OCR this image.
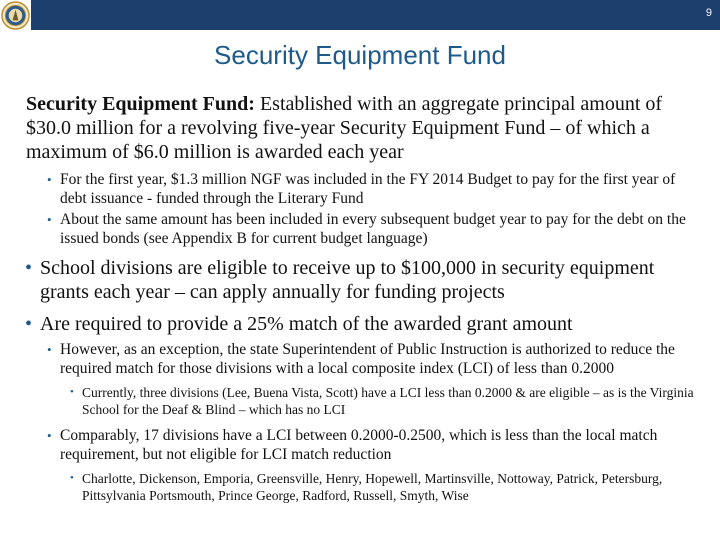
9
Security Equipment Fund

Security Equipment Fund: Established with an aggregate principal amount of $30.0 million for a revolving five-year Security Equipment Fund – of which a maximum of $6.0 million is awarded each year

• For the first year, $1.3 million NGF was included in the FY 2014 Budget to pay for the first year of debt issuance - funded through the Literary Fund
• About the same amount has been included in every subsequent budget year to pay for the debt on the issued bonds (see Appendix B for current budget language)
• School divisions are eligible to receive up to $100,000 in security equipment grants each year – can apply annually for funding projects
• Are required to provide a 25% match of the awarded grant amount
• However, as an exception, the state Superintendent of Public Instruction is authorized to reduce the required match for those divisions with a local composite index (LCI) of less than 0.2000
• Currently, three divisions (Lee, Buena Vista, Scott) have a LCI less than 0.2000 & are eligible – as is the Virginia School for the Deaf & Blind – which has no LCI
• Comparably, 17 divisions have a LCI between 0.2000-0.2500, which is less than the local match requirement, but not eligible for LCI match reduction
• Charlotte, Dickenson, Emporia, Greensville, Henry, Hopewell, Martinsville, Nottoway, Patrick, Petersburg, Pittsylvania Portsmouth, Prince George, Radford, Russell, Smyth, Wise
